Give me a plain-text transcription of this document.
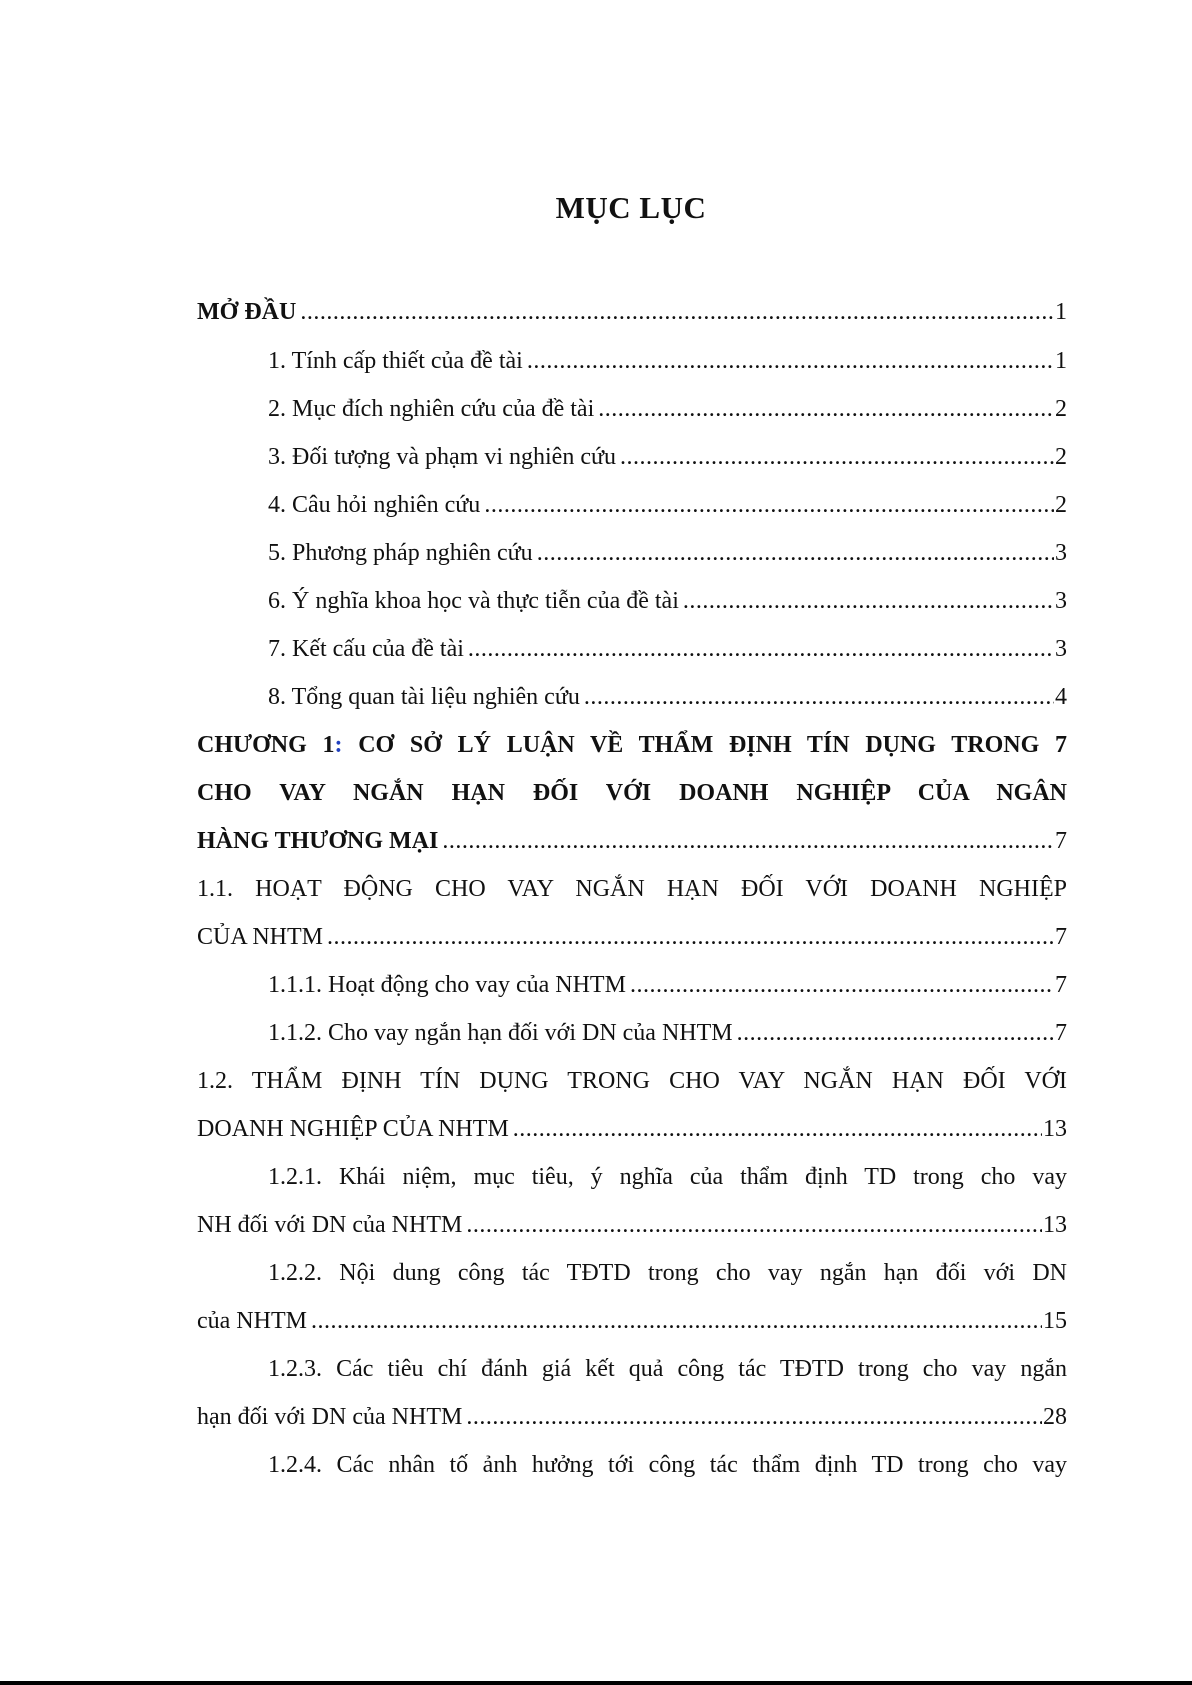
MỤC LỤC
MỞ ĐẦU .....	1
1. Tính cấp thiết của đề tài .....	1
2. Mục đích nghiên cứu của đề tài .....	2
3. Đối tượng và phạm vi nghiên cứu .....	2
4. Câu hỏi nghiên cứu .....	2
5. Phương pháp nghiên cứu .....	3
6. Ý nghĩa khoa học và thực tiễn của đề tài .....	3
7. Kết cấu của đề tài .....	3
8. Tổng quan tài liệu nghiên cứu .....	4
CHƯƠNG 1: CƠ SỞ LÝ LUẬN VỀ THẨM ĐỊNH TÍN DỤNG TRONG 7
CHO VAY NGẮN HẠN ĐỐI VỚI DOANH NGHIỆP CỦA NGÂN
HÀNG THƯƠNG MẠI .....	7
1.1. HOẠT ĐỘNG CHO VAY NGẮN HẠN ĐỐI VỚI DOANH NGHIỆP
CỦA NHTM .....	7
1.1.1. Hoạt động cho vay của NHTM .....	7
1.1.2. Cho vay ngắn hạn đối với DN của NHTM .....	7
1.2. THẨM ĐỊNH TÍN DỤNG TRONG CHO VAY NGẮN HẠN ĐỐI VỚI
DOANH NGHIỆP CỦA NHTM .....	13
1.2.1. Khái niệm, mục tiêu, ý nghĩa của thẩm định TD trong cho vay
NH đối với DN của NHTM .....	13
1.2.2. Nội dung công tác TĐTD trong cho vay ngắn hạn đối với DN
của NHTM .....	15
1.2.3. Các tiêu chí đánh giá kết quả công tác TĐTD trong cho vay ngắn
hạn đối với DN của NHTM .....	28
1.2.4. Các nhân tố ảnh hưởng tới công tác thẩm định TD trong cho vay
